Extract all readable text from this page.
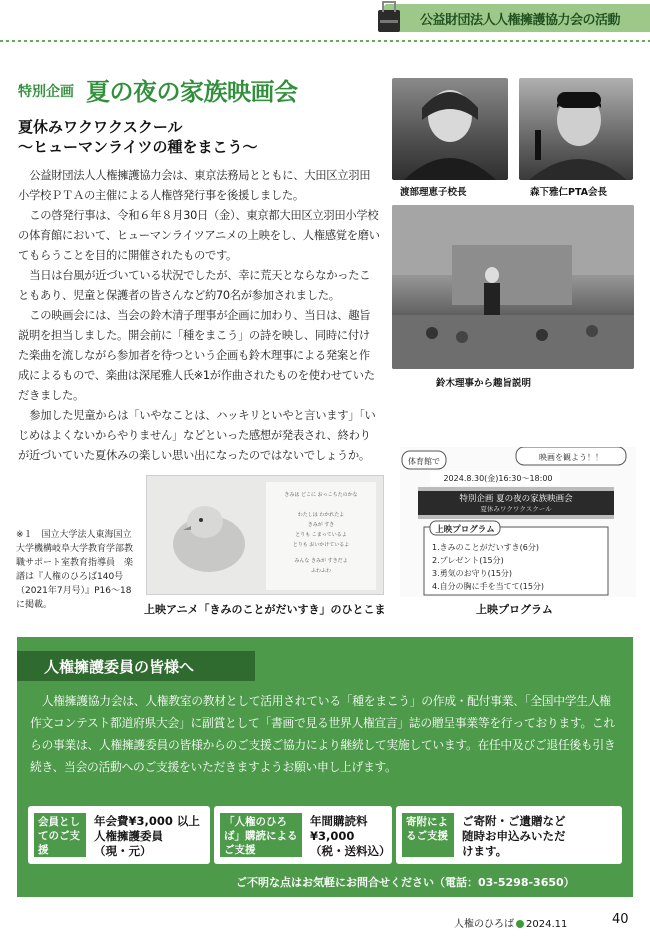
公益財団法人人権擁護協力会の活動
特別企画 夏の夜の家族映画会
夏休みワクワクスクール
〜ヒューマンライツの種をまこう〜

公益財団法人人権擁護協力会は、東京法務局とともに、大田区立羽田小学校ＰＴＡの主催による人権啓発行事を後援しました。

この啓発行事は、令和６年８月30日（金）、東京都大田区立羽田小学校の体育館において、ヒューマンライツアニメの上映をし、人権感覚を磨いてもらうことを目的に開催されたものです。

当日は台風が近づいている状況でしたが、幸に荒天とならなかったこともあり、児童と保護者の皆さんなど約70名が参加されました。

この映画会には、当会の鈴木清子理事が企画に加わり、当日は、趣旨説明を担当しました。開会前に「種をまこう」の詩を映し、同時に付けた楽曲を流しながら参加者を待つという企画も鈴木理事による発案と作成によるもので、楽曲は深尾雅人氏※1が作曲されたものを使わせていただきました。

参加した児童からは「いやなことは、ハッキリといやと言います」「いじめはよくないからやりません」などといった感想が発表され、終わりが近づいていた夏休みの楽しい思い出になったのではないでしょうか。

渡部理恵子校長	森下雅仁PTA会長
鈴木理事から趣旨説明
体育館で	映画を観よう！！
2024.8.30(金)16:30〜18:00
特別企画 夏の夜の家族映画会
夏休みワクワクスクール
上映プログラム
1.きみのことがだいすき(6分)
2.プレゼント(15分)
3.勇気のお守り(15分)
4.自分の胸に手を当てて(15分)
上映プログラム
きみは どこに おっこちたのかな
わたしは わかれたよ
きみが すき
とりも こまっているよ
とりも おいかけているよ
みんな きみが すきだよ
ふわふわ
上映アニメ「きみのことがだいすき」のひとこま
※１　国立大学法人東海国立大学機構岐阜大学教育学部教職サポート室教育指導員　楽譜は『人権のひろば140号（2021年7月号）』P16〜18に掲載。
人権擁護委員の皆様へ
人権擁護協力会は、人権教室の教材として活用されている「種をまこう」の作成・配付事業、「全国中学生人権作文コンテスト都道府県大会」に副賞として「書画で見る世界人権宣言」誌の贈呈事業等を行っております。これらの事業は、人権擁護委員の皆様からのご支援ご協力により継続して実施しています。在任中及びご退任後も引き続き、当会の活動へのご支援をいただきますようお願い申し上げます。
会員としてのご支援
年会費¥3,000 以上
人権擁護委員
（現・元）
「人権のひろば」購読によるご支援
年間購読料
¥3,000
（税・送料込）
寄附によるご支援
ご寄附・ご遺贈など
随時お申込みいただ
けます。
ご不明な点はお気軽にお問合せください（電話：03-5298-3650）
人権のひろば 2024.11	40
